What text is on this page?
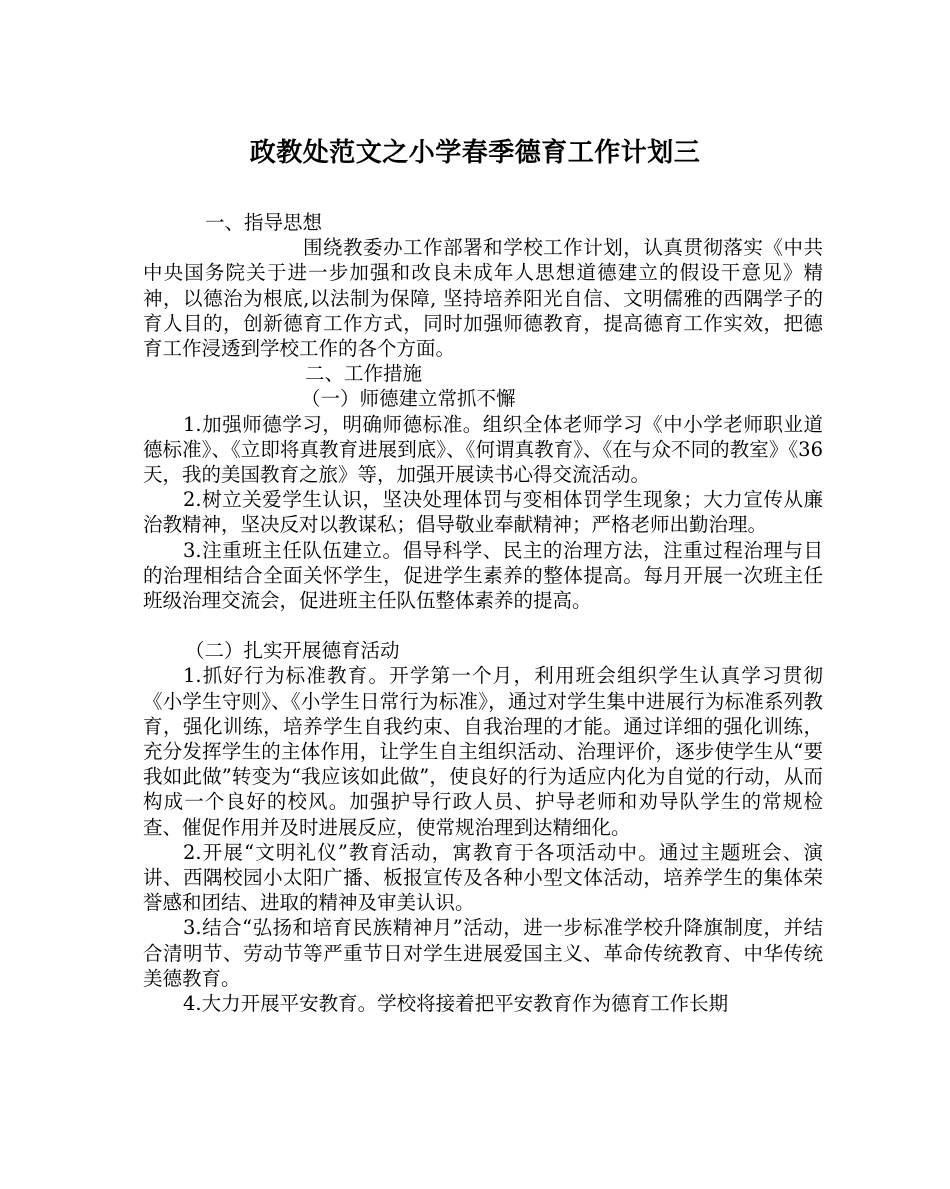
政教处范文之小学春季德育工作计划三

一、指导思想

围绕教委办工作部署和学校工作计划，认真贯彻落实《中共中央国务院关于进一步加强和改良未成年人思想道德建立的假设干意见》精神，以德治为根底,以法制为保障, 坚持培养阳光自信、文明儒雅的西隅学子的育人目的，创新德育工作方式，同时加强师德教育，提高德育工作实效，把德育工作浸透到学校工作的各个方面。

二、工作措施

（一）师德建立常抓不懈

1.加强师德学习，明确师德标准。组织全体老师学习《中小学老师职业道德标准》、《立即将真教育进展到底》、《何谓真教育》、《在与众不同的教室》《36天，我的美国教育之旅》等，加强开展读书心得交流活动。

2.树立关爱学生认识，坚决处理体罚与变相体罚学生现象；大力宣传从廉治教精神，坚决反对以教谋私；倡导敬业奉献精神；严格老师出勤治理。

3.注重班主任队伍建立。倡导科学、民主的治理方法，注重过程治理与目的治理相结合全面关怀学生，促进学生素养的整体提高。每月开展一次班主任班级治理交流会，促进班主任队伍整体素养的提高。

（二）扎实开展德育活动

1.抓好行为标准教育。开学第一个月，利用班会组织学生认真学习贯彻《小学生守则》、《小学生日常行为标准》，通过对学生集中进展行为标准系列教育，强化训练，培养学生自我约束、自我治理的才能。通过详细的强化训练，充分发挥学生的主体作用，让学生自主组织活动、治理评价，逐步使学生从“要我如此做”转变为“我应该如此做”，使良好的行为适应内化为自觉的行动，从而构成一个良好的校风。加强护导行政人员、护导老师和劝导队学生的常规检查、催促作用并及时进展反应，使常规治理到达精细化。

2.开展“文明礼仪”教育活动，寓教育于各项活动中。通过主题班会、演讲、西隅校园小太阳广播、板报宣传及各种小型文体活动，培养学生的集体荣誉感和团结、进取的精神及审美认识。

3.结合“弘扬和培育民族精神月”活动，进一步标准学校升降旗制度，并结合清明节、劳动节等严重节日对学生进展爱国主义、革命传统教育、中华传统美德教育。

4.大力开展平安教育。学校将接着把平安教育作为德育工作长期
